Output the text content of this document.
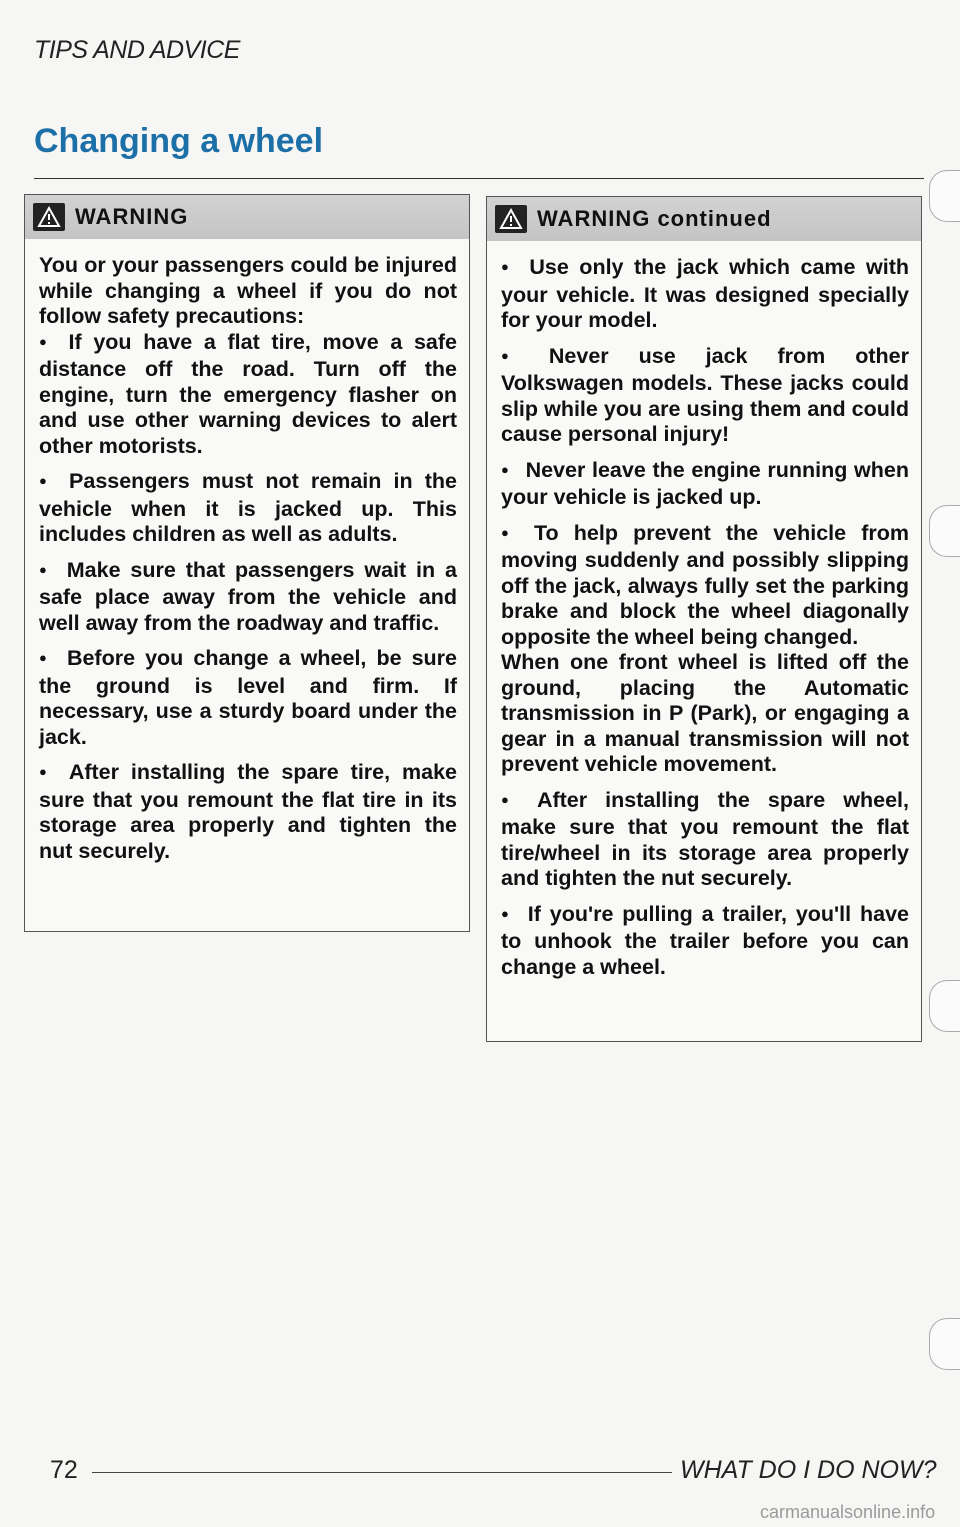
TIPS AND ADVICE
Changing a wheel
WARNING

You or your passengers could be injured while changing a wheel if you do not follow safety precautions:

● If you have a flat tire, move a safe distance off the road. Turn off the engine, turn the emergency flasher on and use other warning devices to alert other motorists.

● Passengers must not remain in the vehicle when it is jacked up. This includes children as well as adults.

● Make sure that passengers wait in a safe place away from the vehicle and well away from the roadway and traffic.

● Before you change a wheel, be sure the ground is level and firm. If necessary, use a sturdy board under the jack.

● After installing the spare tire, make sure that you remount the flat tire in its storage area properly and tighten the nut securely.

WARNING continued

● Use only the jack which came with your vehicle. It was designed specially for your model.

● Never use jack from other Volkswagen models. These jacks could slip while you are using them and could cause personal injury!

● Never leave the engine running when your vehicle is jacked up.

● To help prevent the vehicle from moving suddenly and possibly slipping off the jack, always fully set the parking brake and block the wheel diagonally opposite the wheel being changed.

When one front wheel is lifted off the ground, placing the Automatic transmission in P (Park), or engaging a gear in a manual transmission will not prevent vehicle movement.

● After installing the spare wheel, make sure that you remount the flat tire/wheel in its storage area properly and tighten the nut securely.

● If you're pulling a trailer, you'll have to unhook the trailer before you can change a wheel.

72	WHAT DO I DO NOW?
carmanualsonline.info
